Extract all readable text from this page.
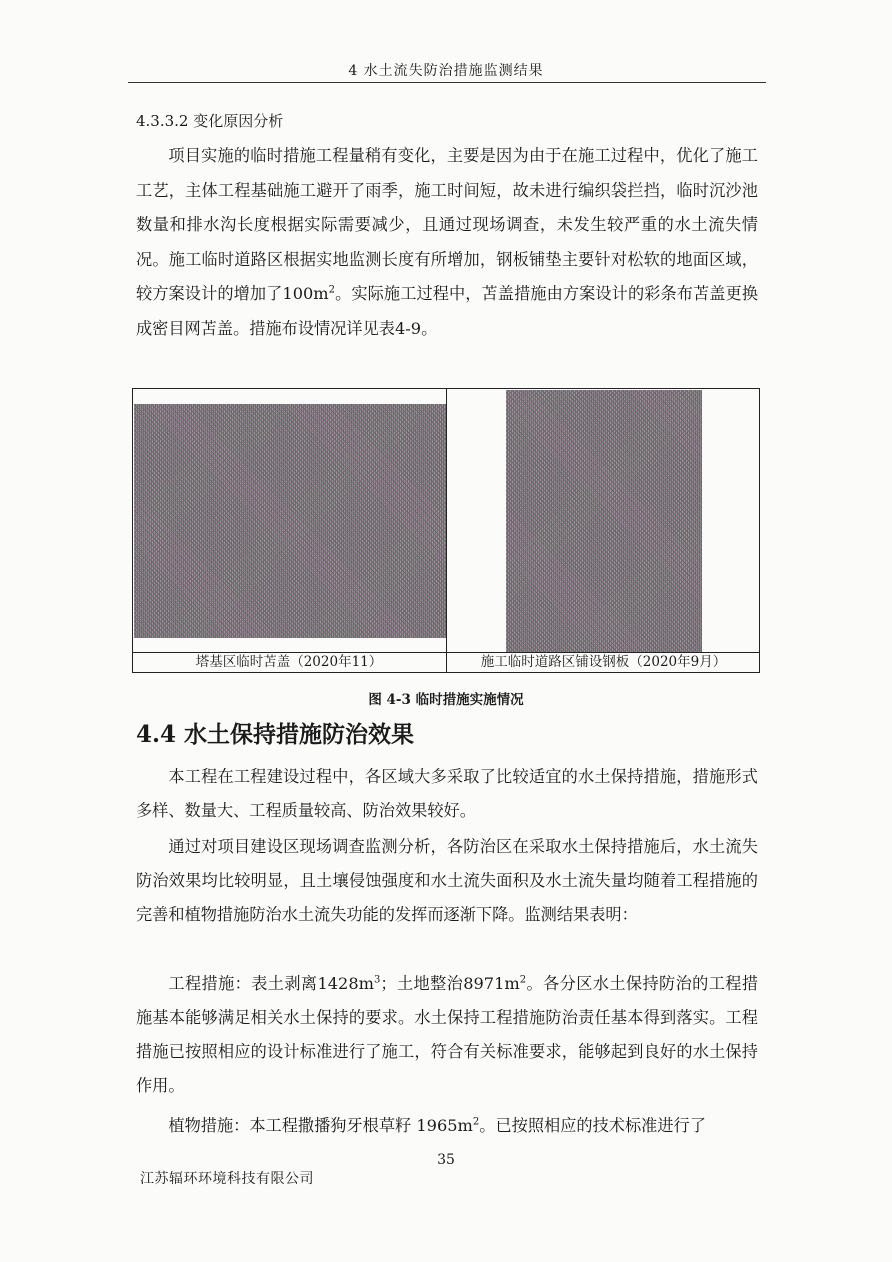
4 水土流失防治措施监测结果
4.3.3.2 变化原因分析
项目实施的临时措施工程量稍有变化，主要是因为由于在施工过程中，优化了施工工艺，主体工程基础施工避开了雨季，施工时间短，故未进行编织袋拦挡，临时沉沙池数量和排水沟长度根据实际需要减少，且通过现场调查，未发生较严重的水土流失情况。施工临时道路区根据实地监测长度有所增加，钢板铺垫主要针对松软的地面区域，较方案设计的增加了$100m^2$。实际施工过程中，苫盖措施由方案设计的彩条布苫盖更换成密目网苫盖。措施布设情况详见表4-9。
塔基区临时苫盖（2020年11）	施工临时道路区铺设钢板（2020年9月）
图 4-3 临时措施实施情况
4.4 水土保持措施防治效果
本工程在工程建设过程中，各区域大多采取了比较适宜的水土保持措施，措施形式多样、数量大、工程质量较高、防治效果较好。
通过对项目建设区现场调查监测分析，各防治区在采取水土保持措施后，水土流失防治效果均比较明显，且土壤侵蚀强度和水土流失面积及水土流失量均随着工程措施的完善和植物措施防治水土流失功能的发挥而逐渐下降。监测结果表明：
工程措施：表土剥离$1428m^3$；土地整治$8971m^2$。各分区水土保持防治的工程措施基本能够满足相关水土保持的要求。水土保持工程措施防治责任基本得到落实。工程措施已按照相应的设计标准进行了施工，符合有关标准要求，能够起到良好的水土保持作用。
植物措施：本工程撒播狗牙根草籽 $1965m^2$。已按照相应的技术标准进行了
35
江苏辐环环境科技有限公司
